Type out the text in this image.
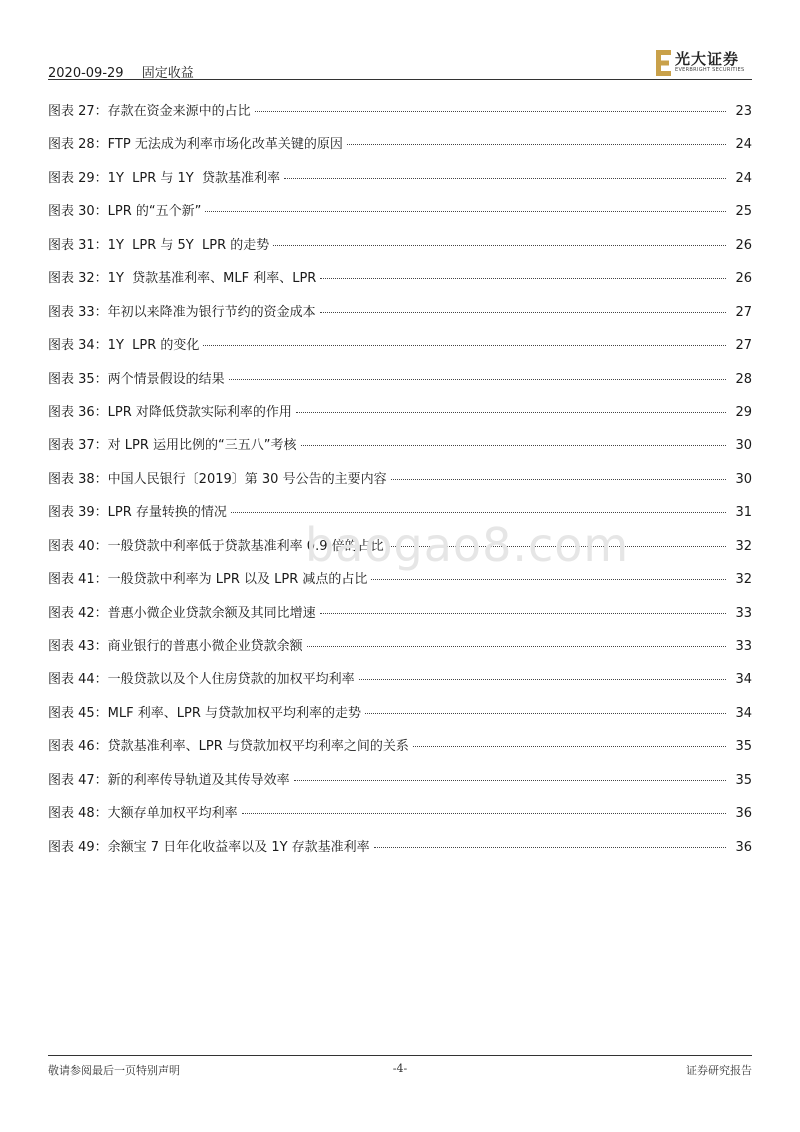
2020-09-29 固定收益
光大证券
EVERBRIGHT SECURITIES
图表 27：存款在资金来源中的占比	23
图表 28：FTP 无法成为利率市场化改革关键的原因	24
图表 29：1Y  LPR 与 1Y  贷款基准利率	24
图表 30：LPR 的“五个新”	25
图表 31：1Y  LPR 与 5Y  LPR 的走势	26
图表 32：1Y  贷款基准利率、MLF 利率、LPR	26
图表 33：年初以来降准为银行节约的资金成本	27
图表 34：1Y  LPR 的变化	27
图表 35：两个情景假设的结果	28
图表 36：LPR 对降低贷款实际利率的作用	29
图表 37：对 LPR 运用比例的“三五八”考核	30
图表 38：中国人民银行〔2019〕第 30 号公告的主要内容	30
图表 39：LPR 存量转换的情况	31
图表 40：一般贷款中利率低于贷款基准利率 0.9 倍的占比	32
图表 41：一般贷款中利率为 LPR 以及 LPR 减点的占比	32
图表 42：普惠小微企业贷款余额及其同比增速	33
图表 43：商业银行的普惠小微企业贷款余额	33
图表 44：一般贷款以及个人住房贷款的加权平均利率	34
图表 45：MLF 利率、LPR 与贷款加权平均利率的走势	34
图表 46：贷款基准利率、LPR 与贷款加权平均利率之间的关系	35
图表 47：新的利率传导轨道及其传导效率	35
图表 48：大额存单加权平均利率	36
图表 49：余额宝 7 日年化收益率以及 1Y 存款基准利率	36
baogao8.com
敬请参阅最后一页特别声明	-4-	证券研究报告
